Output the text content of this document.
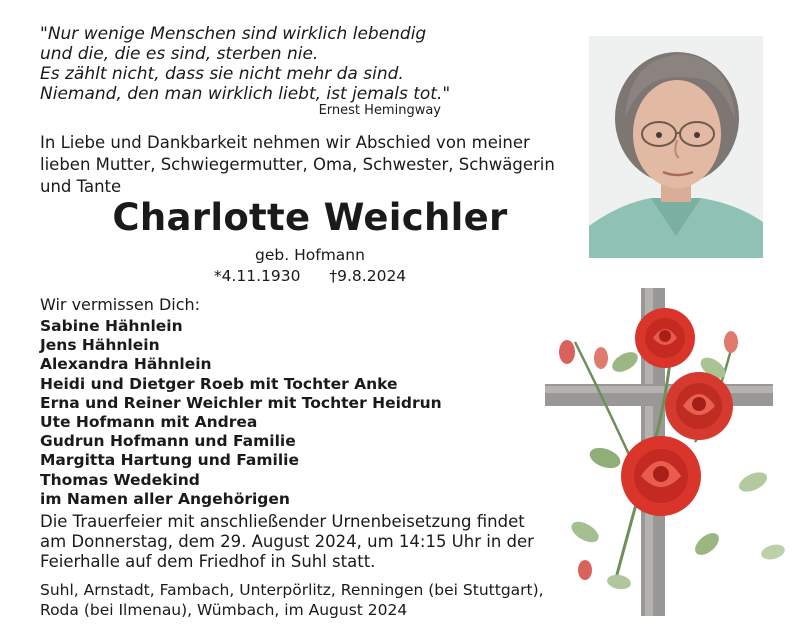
"Nur wenige Menschen sind wirklich lebendig
und die, die es sind, sterben nie.
Es zählt nicht, dass sie nicht mehr da sind.
Niemand, den man wirklich liebt, ist jemals tot."
Ernest Hemingway
In Liebe und Dankbarkeit nehmen wir Abschied von meiner
lieben Mutter, Schwiegermutter, Oma, Schwester, Schwägerin
und Tante
Charlotte Weichler
geb. Hofmann
*4.11.1930 †9.8.2024
Wir vermissen Dich:
Sabine Hähnlein
Jens Hähnlein
Alexandra Hähnlein
Heidi und Dietger Roeb mit Tochter Anke
Erna und Reiner Weichler mit Tochter Heidrun
Ute Hofmann mit Andrea
Gudrun Hofmann und Familie
Margitta Hartung und Familie
Thomas Wedekind
im Namen aller Angehörigen
Die Trauerfeier mit anschließender Urnenbeisetzung findet
am Donnerstag, dem 29. August 2024, um 14:15 Uhr in der
Feierhalle auf dem Friedhof in Suhl statt.
Suhl, Arnstadt, Fambach, Unterpörlitz, Renningen (bei Stuttgart),
Roda (bei Ilmenau), Wümbach, im August 2024
